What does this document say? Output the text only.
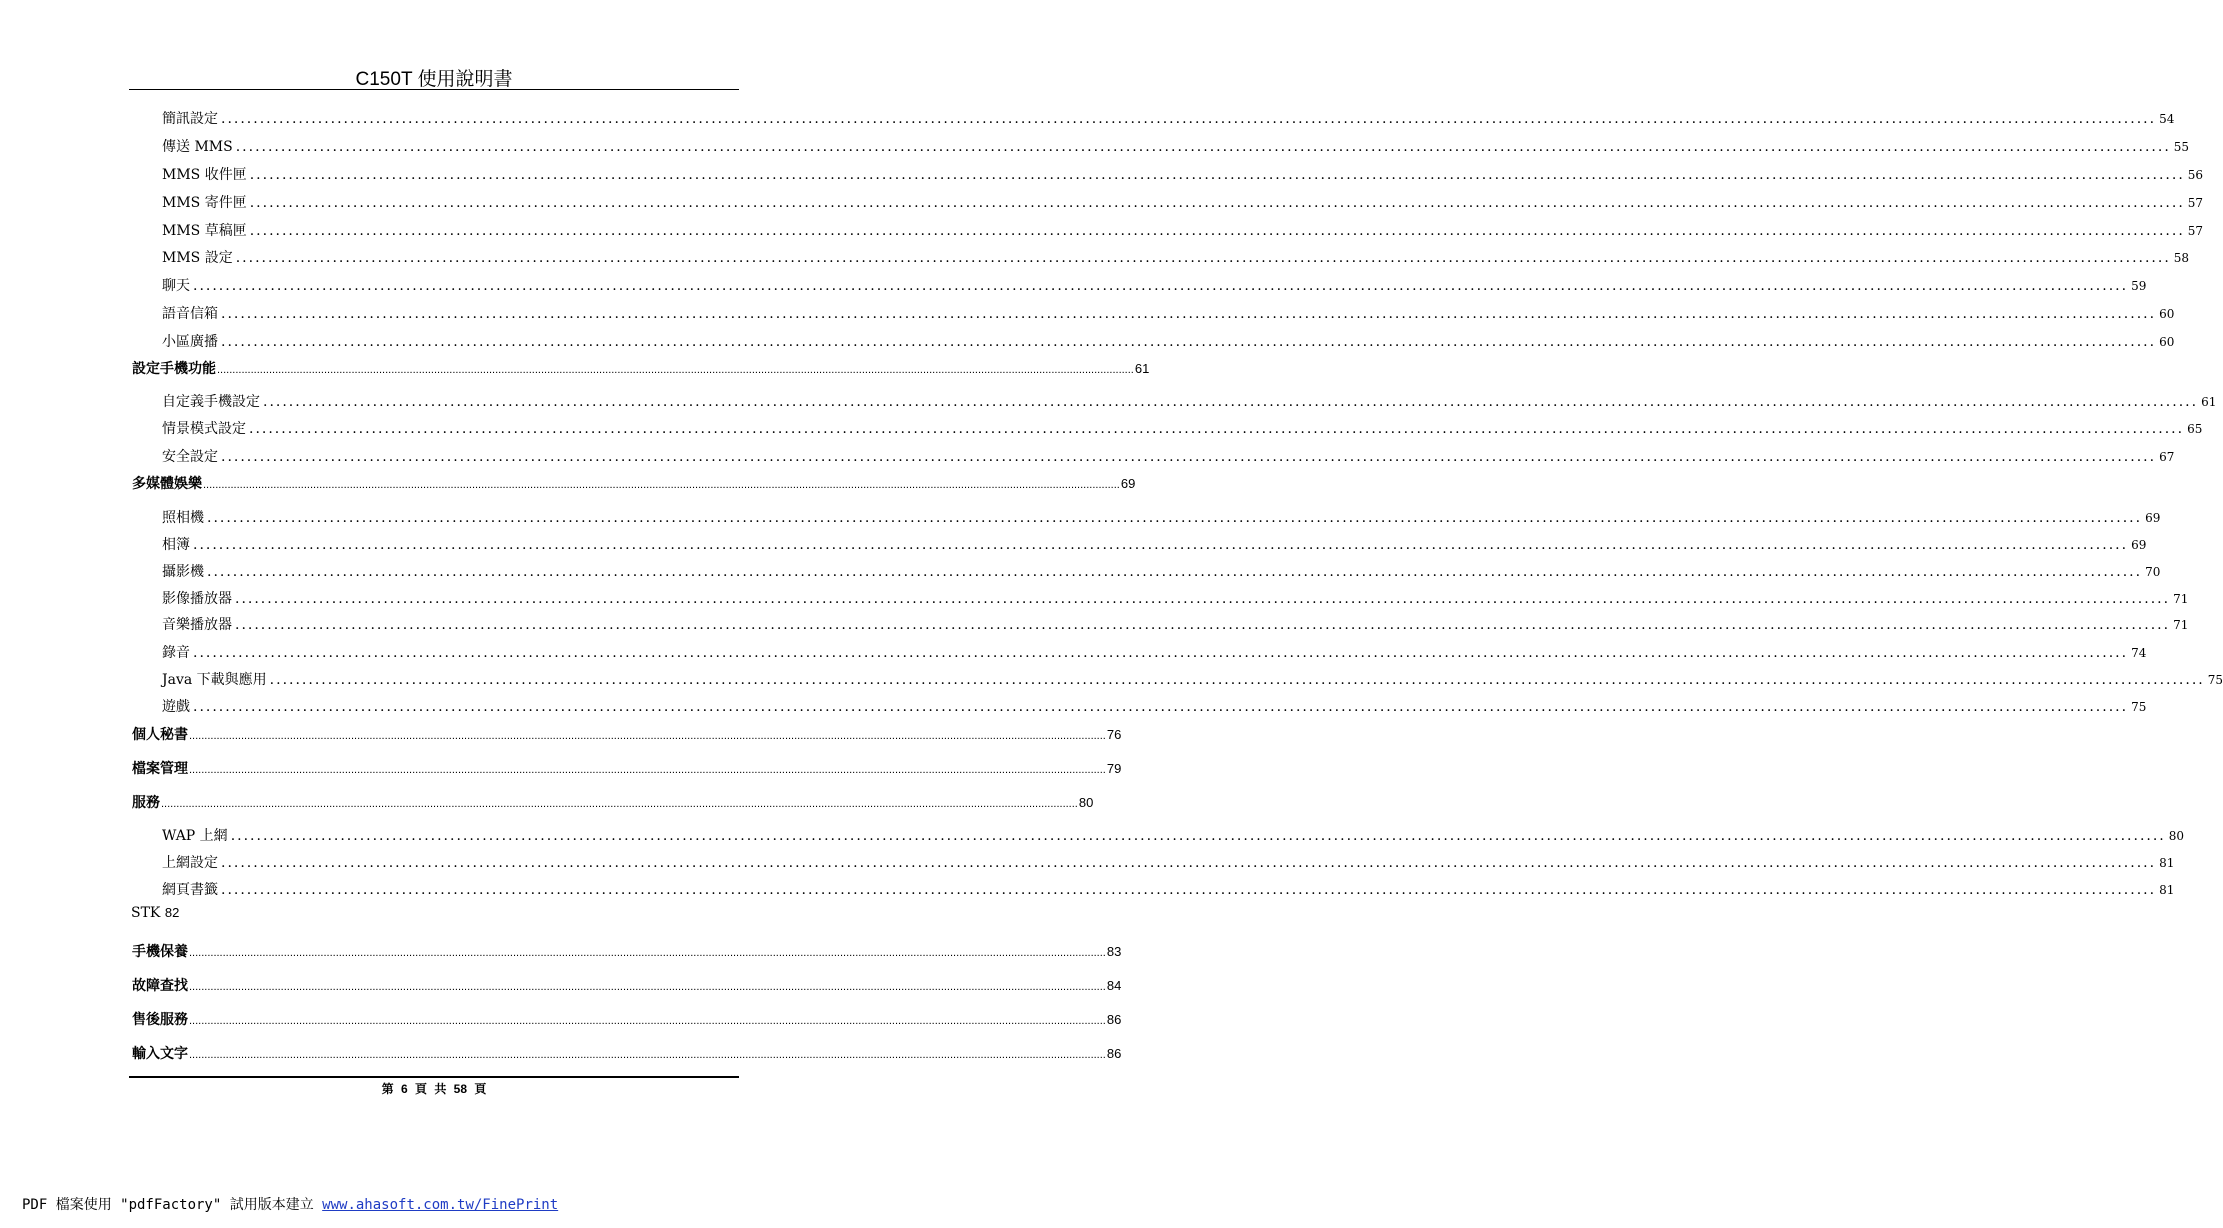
C150T 使用說明書
簡訊設定 ............................................................................................................................................................................................................................................................................................................ 54
傳送 MMS ............................................................................................................................................................................................................................................................................................................ 55
MMS 收件匣 ............................................................................................................................................................................................................................................................................................................ 56
MMS 寄件匣 ............................................................................................................................................................................................................................................................................................................ 57
MMS 草稿匣 ............................................................................................................................................................................................................................................................................................................ 57
MMS 設定 ............................................................................................................................................................................................................................................................................................................ 58
聊天 ............................................................................................................................................................................................................................................................................................................ 59
語音信箱 ............................................................................................................................................................................................................................................................................................................ 60
小區廣播 ............................................................................................................................................................................................................................................................................................................ 60
設定手機功能 ............................................................................................................................................................................................................................................................................................................ 61
自定義手機設定 ............................................................................................................................................................................................................................................................................................................ 61
情景模式設定 ............................................................................................................................................................................................................................................................................................................ 65
安全設定 ............................................................................................................................................................................................................................................................................................................ 67
多媒體娛樂 ............................................................................................................................................................................................................................................................................................................ 69
照相機 ............................................................................................................................................................................................................................................................................................................ 69
相簿 ............................................................................................................................................................................................................................................................................................................ 69
攝影機 ............................................................................................................................................................................................................................................................................................................ 70
影像播放器 ............................................................................................................................................................................................................................................................................................................ 71
音樂播放器 ............................................................................................................................................................................................................................................................................................................ 71
錄音 ............................................................................................................................................................................................................................................................................................................ 74
Java 下載與應用 ............................................................................................................................................................................................................................................................................................................ 75
遊戲 ............................................................................................................................................................................................................................................................................................................ 75
個人秘書 ............................................................................................................................................................................................................................................................................................................ 76
檔案管理 ............................................................................................................................................................................................................................................................................................................ 79
服務 ............................................................................................................................................................................................................................................................................................................ 80
WAP 上網 ............................................................................................................................................................................................................................................................................................................ 80
上網設定 ............................................................................................................................................................................................................................................................................................................ 81
網頁書籤 ............................................................................................................................................................................................................................................................................................................ 81
手機保養 ............................................................................................................................................................................................................................................................................................................ 83
故障查找 ............................................................................................................................................................................................................................................................................................................ 84
售後服務 ............................................................................................................................................................................................................................................................................................................ 86
輸入文字 ............................................................................................................................................................................................................................................................................................................ 86
STK 82
第 6 頁 共 58 頁
PDF 檔案使用 "pdfFactory" 試用版本建立 www.ahasoft.com.tw/FinePrint
